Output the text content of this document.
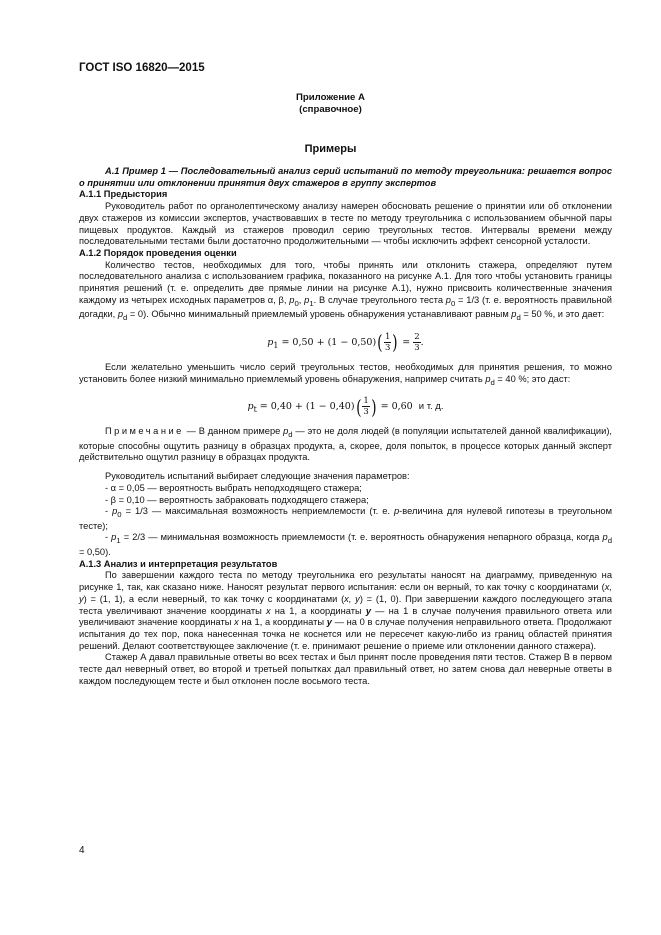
ГОСТ ISO 16820—2015
Приложение А
(справочное)
Примеры

А.1 Пример 1 — Последовательный анализ серий испытаний по методу треугольника: решается вопрос о принятии или отклонении принятия двух стажеров в группу экспертов

А.1.1 Предыстория

Руководитель работ по органолептическому анализу намерен обосновать решение о принятии или об отклонении двух стажеров из комиссии экспертов, участвовавших в тесте по методу треугольника с использованием обычной пары пищевых продуктов. Каждый из стажеров проводил серию треугольных тестов. Интервалы времени между последовательными тестами были достаточно продолжительными — чтобы исключить эффект сенсорной усталости.

А.1.2 Порядок проведения оценки

Количество тестов, необходимых для того, чтобы принять или отклонить стажера, определяют путем последовательного анализа с использованием графика, показанного на рисунке А.1. Для того чтобы установить границы принятия решений (т. е. определить две прямые линии на рисунке А.1), нужно присвоить количественные значения каждому из четырех исходных параметров α, β, $p_0$, $p_1$. В случае треугольного теста $p_0 = 1/3$ (т. е. вероятность правильной догадки, $p_d = 0$). Обычно минимальный приемлемый уровень обнаружения устанавливают равным $p_d = 50$ %, и это дает:

$p_1 = 0,50 + (1 - 0,50)( \frac{1}{3}$ ) = $\frac{2}{3}$ .

Если желательно уменьшить число серий треугольных тестов, необходимых для принятия решения, то можно установить более низкий минимально приемлемый уровень обнаружения, например считать $p_d = 40$ %; это даст:

$p_t = 0,40 + (1 - 0,40)( \frac{1}{3}$ ) = 0,60 и т. д.

Примечание — В данном примере $p_d$ — это не доля людей (в популяции испытателей данной квалификации), которые способны ощутить разницу в образцах продукта, а, скорее, доля попыток, в процессе которых данный эксперт действительно ощутил разницу в образцах продукта.

Руководитель испытаний выбирает следующие значения параметров:

- α = 0,05 — вероятность выбрать неподходящего стажера;

- β = 0,10 — вероятность забраковать подходящего стажера;

- $p_0 = 1/3$ — максимальная возможность неприемлемости (т. е. p-величина для нулевой гипотезы в треугольном тесте);

- $p_1 = 2/3$ — минимальная возможность приемлемости (т. е. вероятность обнаружения непарного образца, когда $p_d = 0,50$).

А.1.3 Анализ и интерпретация результатов

По завершении каждого теста по методу треугольника его результаты наносят на диаграмму, приведенную на рисунке 1, так, как сказано ниже. Наносят результат первого испытания: если он верный, то как точку с координатами (x, y) = (1, 1), а если неверный, то как точку с координатами (x, y) = (1, 0). При завершении каждого последующего этапа теста увеличивают значение координаты x на 1, а координаты y — на 1 в случае получения правильного ответа или увеличивают значение координаты x на 1, а координаты y — на 0 в случае получения неправильного ответа. Продолжают испытания до тех пор, пока нанесенная точка не коснется или не пересечет какую-либо из границ областей принятия решений. Делают соответствующее заключение (т. е. принимают решение о приеме или отклонении данного стажера).

Стажер А давал правильные ответы во всех тестах и был принят после проведения пяти тестов. Стажер В в первом тесте дал неверный ответ, во второй и третьей попытках дал правильный ответ, но затем снова дал неверные ответы в каждом последующем тесте и был отклонен после восьмого теста.

4
